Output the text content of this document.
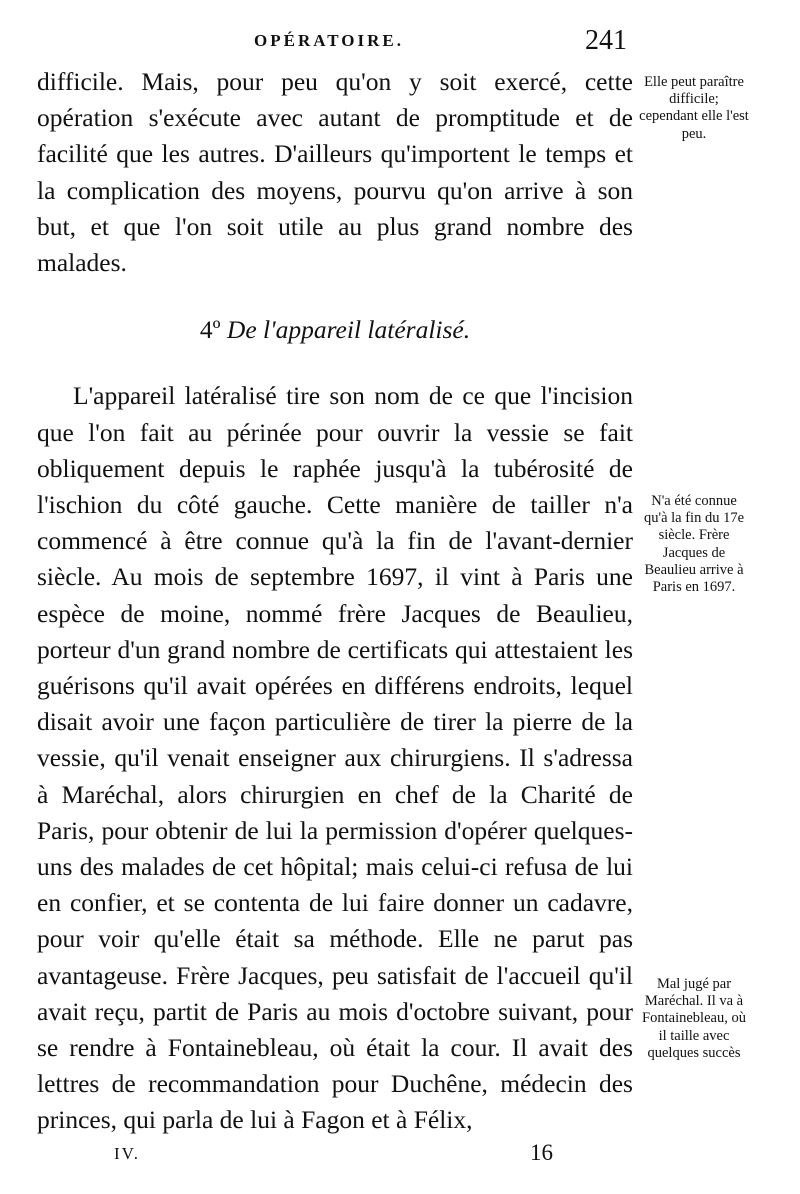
OPÉRATOIRE.	241

difficile. Mais, pour peu qu'on y soit exercé, cette opération s'exécute avec autant de promptitude et de facilité que les autres. D'ailleurs qu'importent le temps et la complication des moyens, pourvu qu'on arrive à son but, et que l'on soit utile au plus grand nombre des malades.

4º De l'appareil latéralisé.

L'appareil latéralisé tire son nom de ce que l'incision que l'on fait au périnée pour ouvrir la vessie se fait obliquement depuis le raphée jusqu'à la tubérosité de l'ischion du côté gauche. Cette manière de tailler n'a commencé à être connue qu'à la fin de l'avant-dernier siècle. Au mois de septembre 1697, il vint à Paris une espèce de moine, nommé frère Jacques de Beaulieu, porteur d'un grand nombre de certificats qui attestaient les guérisons qu'il avait opérées en différens endroits, lequel disait avoir une façon particulière de tirer la pierre de la vessie, qu'il venait enseigner aux chirurgiens. Il s'adressa à Maréchal, alors chirurgien en chef de la Charité de Paris, pour obtenir de lui la permission d'opérer quelques-uns des malades de cet hôpital; mais celui-ci refusa de lui en confier, et se contenta de lui faire donner un cadavre, pour voir qu'elle était sa méthode. Elle ne parut pas avantageuse. Frère Jacques, peu satisfait de l'accueil qu'il avait reçu, partit de Paris au mois d'octobre suivant, pour se rendre à Fontainebleau, où était la cour. Il avait des lettres de recommandation pour Duchêne, médecin des princes, qui parla de lui à Fagon et à Félix,

Elle peut paraître difficile; cependant elle l'est peu.
N'a été connue qu'à la fin du 17e siècle. Frère Jacques de Beaulieu arrive à Paris en 1697.
Mal jugé par Maréchal. Il va à Fontainebleau, où il taille avec quelques succès
IV.	16
